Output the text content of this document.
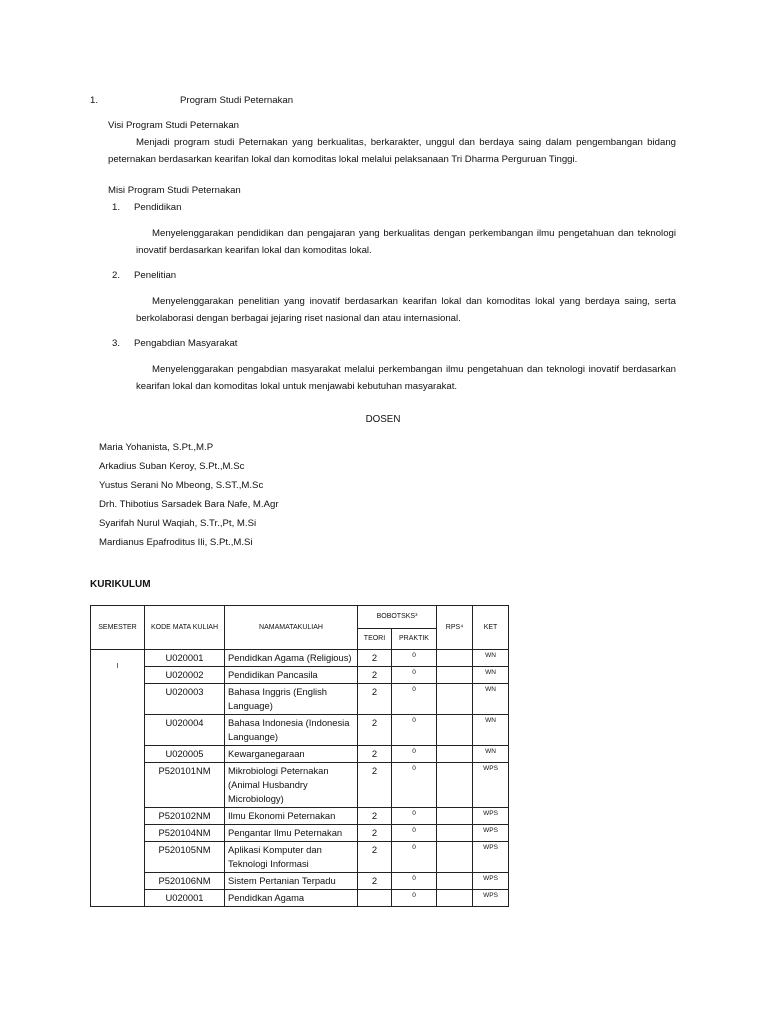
1.	Program Studi Peternakan
Visi Program Studi Peternakan

Menjadi program studi Peternakan yang berkualitas, berkarakter, unggul dan berdaya saing dalam pengembangan bidang peternakan berdasarkan kearifan lokal dan komoditas lokal melalui pelaksanaan Tri Dharma Perguruan Tinggi.

Misi Program Studi Peternakan
1.	Pendidikan

Menyelenggarakan pendidikan dan pengajaran yang berkualitas dengan perkembangan ilmu pengetahuan dan teknologi inovatif berdasarkan kearifan lokal dan komoditas lokal.

2.	Penelitian

Menyelenggarakan penelitian yang inovatif berdasarkan kearifan lokal dan komoditas lokal yang berdaya saing, serta berkolaborasi dengan berbagai jejaring riset nasional dan atau internasional.

3.	Pengabdian Masyarakat

Menyelenggarakan pengabdian masyarakat melalui perkembangan ilmu pengetahuan dan teknologi inovatif berdasarkan kearifan lokal dan komoditas lokal untuk menjawabi kebutuhan masyarakat.

DOSEN
Maria Yohanista, S.Pt.,M.P
Arkadius Suban Keroy, S.Pt.,M.Sc
Yustus Serani No Mbeong, S.ST.,M.Sc
Drh. Thibotius Sarsadek Bara Nafe, M.Agr
Syarifah Nurul Waqiah, S.Tr.,Pt, M.Si
Mardianus Epafroditus Ili, S.Pt.,M.Si
KURIKULUM
SEMESTER	KODE MATA KULIAH	NAMAMATAKULIAH	BOBOTSKS³		RPS⁴	KET
			TEORI	PRAKTIK		
I	U020001	Pendidkan Agama (Religious)	2	0		WN
	U020002	Pendidikan Pancasila	2	0		WN
	U020003	Bahasa Inggris (English Language)	2	0		WN
	U020004	Bahasa Indonesia (Indonesia Languange)	2	0		WN
	U020005	Kewarganegaraan	2	0		WN
	P520101NM	Mikrobiologi Peternakan (Animal Husbandry Microbiology)	2	0		WPS
	P520102NM	Ilmu Ekonomi Peternakan	2	0		WPS
	P520104NM	Pengantar Ilmu Peternakan	2	0		WPS
	P520105NM	Aplikasi Komputer dan Teknologi Informasi	2	0		WPS
	P520106NM	Sistem Pertanian Terpadu	2	0		WPS
	U020001	Pendidkan Agama		0		WPS
